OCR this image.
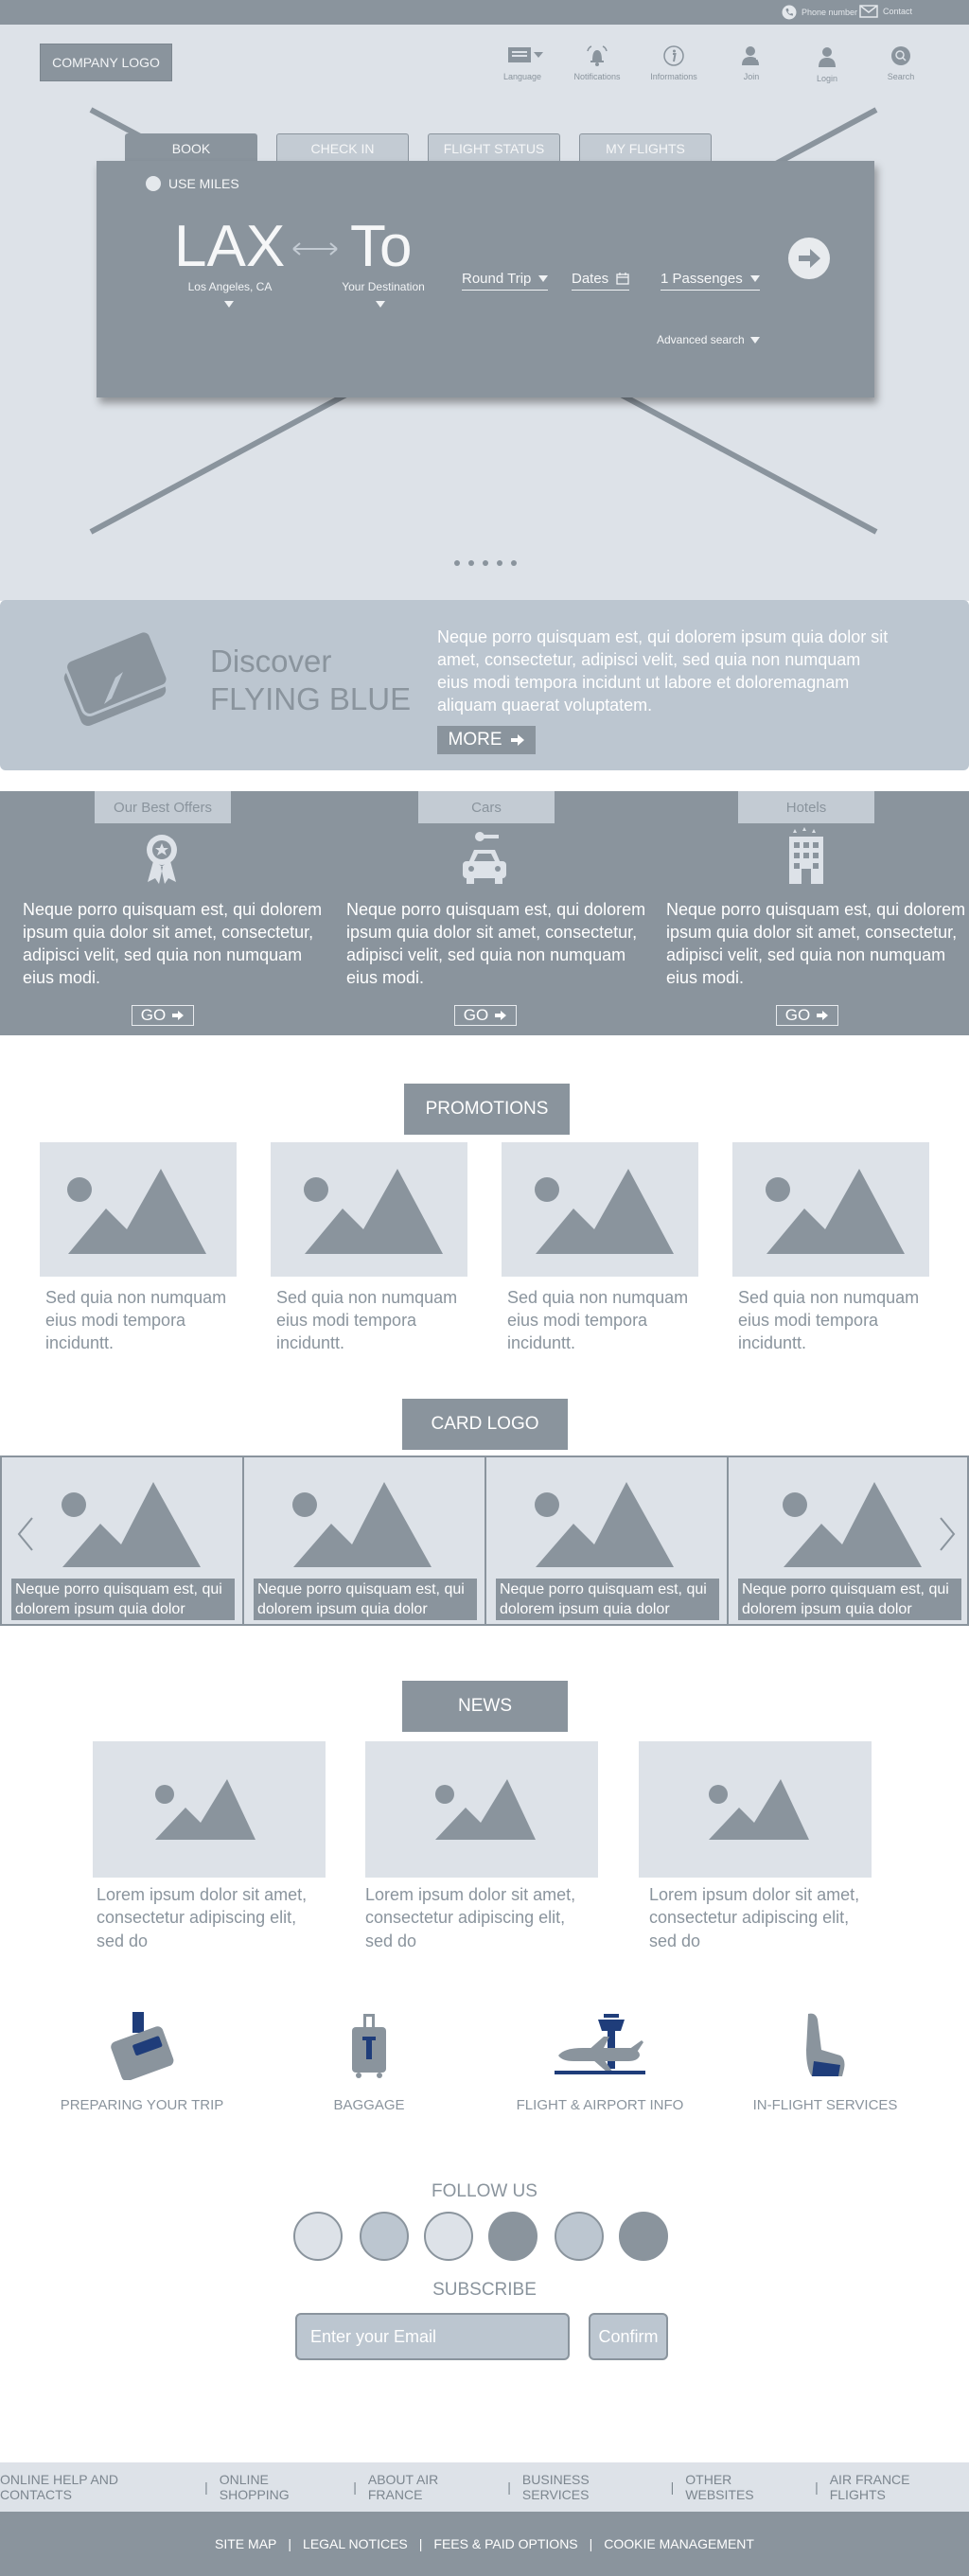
Phone number	Contact
COMPANY LOGO
Language	Notifications	Informations	Join	Login	Search
BOOK	CHECK IN	FLIGHT STATUS	MY FLIGHTS
USE MILES
LAX
Los Angeles, CA
To
Your Destination	Round Trip	Dates	1 Passenges
Advanced search
Discover
FLYING BLUE
Neque porro quisquam est, qui dolorem ipsum quia dolor sit amet, consectetur, adipisci velit, sed quia non numquam eius modi tempora incidunt ut labore et doloremagnam aliquam quaerat voluptatem.
MORE
Our Best Offers	Cars	Hotels
Neque porro quisquam est, qui dolorem ipsum quia dolor sit amet, consectetur, adipisci velit, sed quia non numquam eius modi.
Neque porro quisquam est, qui dolorem ipsum quia dolor sit amet, consectetur, adipisci velit, sed quia non numquam eius modi.
Neque porro quisquam est, qui dolorem ipsum quia dolor sit amet, consectetur, adipisci velit, sed quia non numquam eius modi.
GO	GO	GO
PROMOTIONS
Sed quia non numquam eius modi tempora inciduntt.
Sed quia non numquam eius modi tempora inciduntt.
Sed quia non numquam eius modi tempora inciduntt.
Sed quia non numquam eius modi tempora inciduntt.
CARD LOGO
Neque porro quisquam est, qui dolorem ipsum quia dolor
Neque porro quisquam est, qui dolorem ipsum quia dolor
Neque porro quisquam est, qui dolorem ipsum quia dolor
Neque porro quisquam est, qui dolorem ipsum quia dolor
NEWS
Lorem ipsum dolor sit amet, consectetur adipiscing elit, sed do
Lorem ipsum dolor sit amet, consectetur adipiscing elit, sed do
Lorem ipsum dolor sit amet, consectetur adipiscing elit, sed do
PREPARING YOUR TRIP	BAGGAGE	FLIGHT & AIRPORT INFO	IN-FLIGHT SERVICES
FOLLOW US
SUBSCRIBE
Enter your Email	Confirm
ONLINE HELP AND CONTACTS	| ONLINE SHOPPING	| ABOUT AIR FRANCE	| BUSINESS SERVICES	| OTHER WEBSITES	| AIR FRANCE FLIGHTS
SITE MAP | LEGAL NOTICES | FEES & PAID OPTIONS | COOKIE MANAGEMENT
